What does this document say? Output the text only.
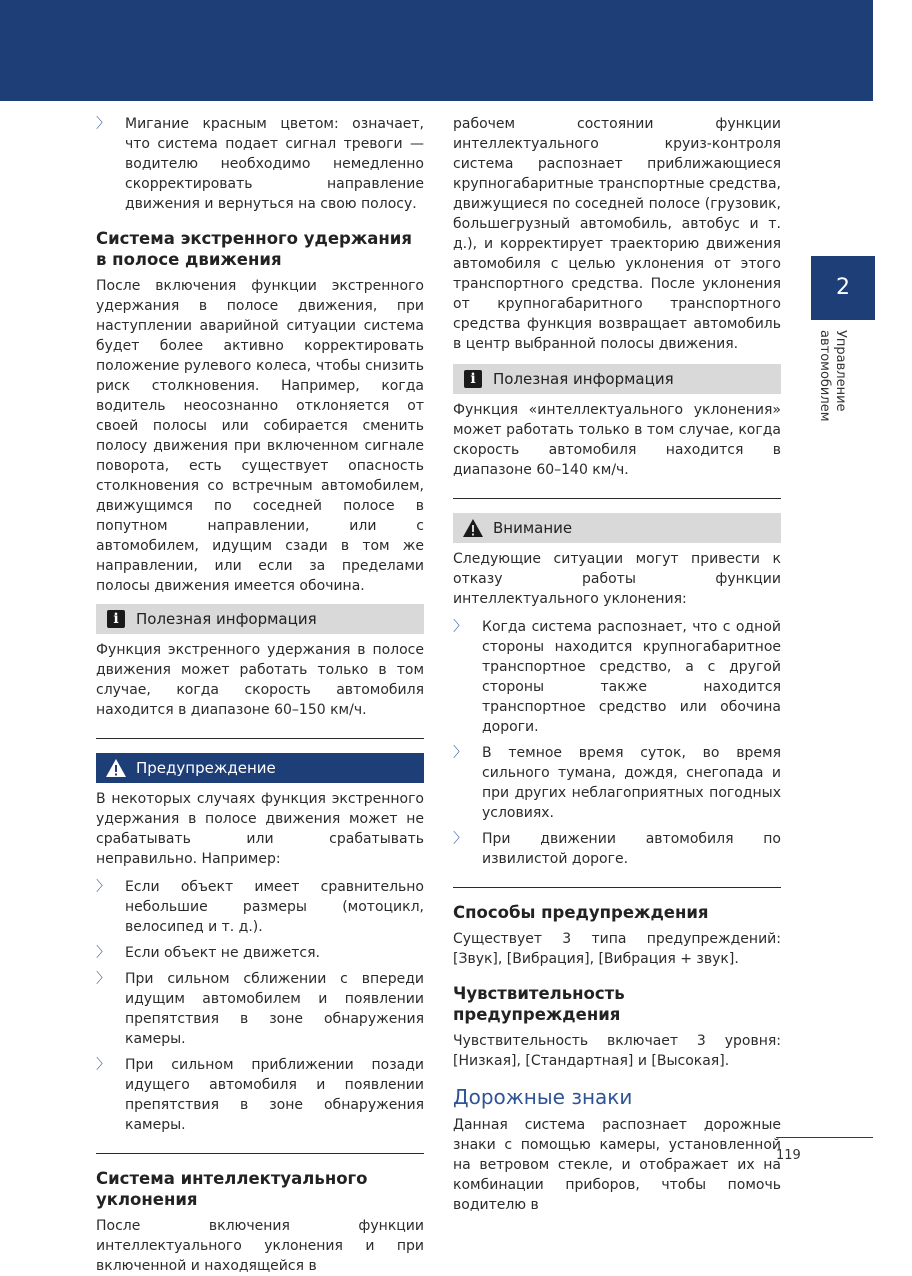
〉 Мигание красным цветом: означает, что система подает сигнал тревоги — водителю необходимо немедленно скорректировать направление движения и вернуться на свою полосу.
Система экстренного удержания в полосе движения

После включения функции экстренного удержания в полосе движения, при наступлении аварийной ситуации система будет более активно корректировать положение рулевого колеса, чтобы снизить риск столкновения. Например, когда водитель неосознанно отклоняется от своей полосы или собирается сменить полосу движения при включенном сигнале поворота, есть существует опасность столкновения со встречным автомобилем, движущимся по соседней полосе в попутном направлении, или с автомобилем, идущим сзади в том же направлении, или если за пределами полосы движения имеется обочина.

i	Полезная информация

Функция экстренного удержания в полосе движения может работать только в том случае, когда скорость автомобиля находится в диапазоне 60–150 км/ч.

Предупреждение

В некоторых случаях функция экстренного удержания в полосе движения может не срабатывать или срабатывать неправильно. Например:

〉 Если объект имеет сравнительно небольшие размеры (мотоцикл, велосипед и т. д.).
〉 Если объект не движется.
〉 При сильном сближении с впереди идущим автомобилем и появлении препятствия в зоне обнаружения камеры.
〉 При сильном приближении позади идущего автомобиля и появлении препятствия в зоне обнаружения камеры.
Система интеллектуального уклонения

После включения функции интеллектуального уклонения и при включенной и находящейся в

рабочем состоянии функции интеллектуального круиз-контроля система распознает приближающиеся крупногабаритные транспортные средства, движущиеся по соседней полосе (грузовик, большегрузный автомобиль, автобус и т. д.), и корректирует траекторию движения автомобиля с целью уклонения от этого транспортного средства. После уклонения от крупногабаритного транспортного средства функция возвращает автомобиль в центр выбранной полосы движения.

i	Полезная информация

Функция «интеллектуального уклонения» может работать только в том случае, когда скорость автомобиля находится в диапазоне 60–140 км/ч.

Внимание

Следующие ситуации могут привести к отказу работы функции интеллектуального уклонения:

〉 Когда система распознает, что с одной стороны находится крупногабаритное транспортное средство, а с другой стороны также находится транспортное средство или обочина дороги.
〉 В темное время суток, во время сильного тумана, дождя, снегопада и при других неблагоприятных погодных условиях.
〉 При движении автомобиля по извилистой дороге.
Способы предупреждения

Существует 3 типа предупреждений: [Звук], [Вибрация], [Вибрация + звук].

Чувствительность предупреждения

Чувствительность включает 3 уровня: [Низкая], [Стандартная] и [Высокая].

Дорожные знаки

Данная система распознает дорожные знаки с помощью камеры, установленной на ветровом стекле, и отображает их на комбинации приборов, чтобы помочь водителю в

2
Управление автомобилем
119
